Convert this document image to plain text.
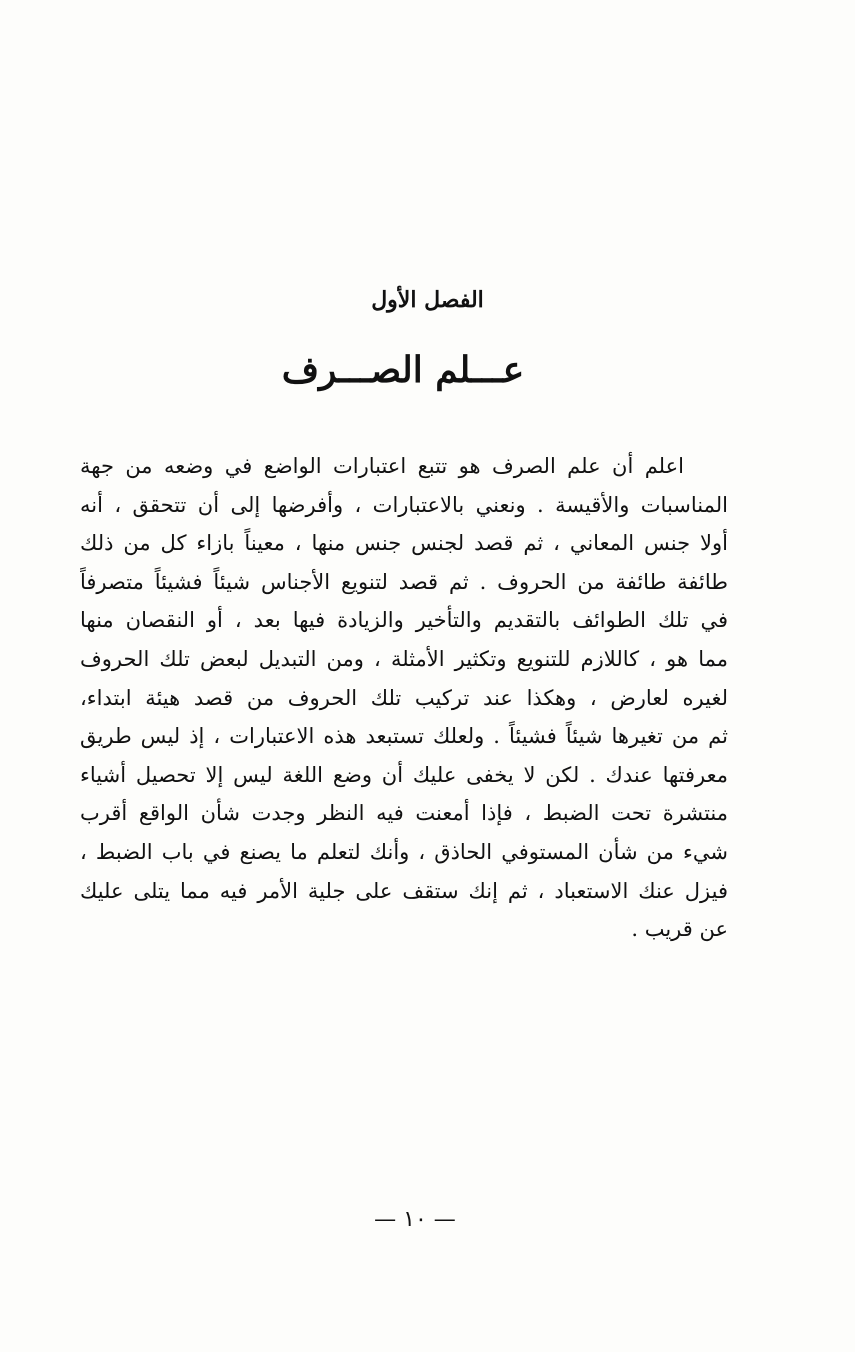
الفصل الأول
عـــلم الصـــرف
اعلم أن علم الصرف هو تتبع اعتبارات الواضع في وضعه من جهة
المناسبات والأقيسة . ونعني بالاعتبارات ، وأفرضها إلى أن تتحقق ، أنه
أولا جنس المعاني ، ثم قصد لجنس جنس منها ، معيناً بازاء كل من ذلك
طائفة طائفة من الحروف . ثم قصد لتنويع الأجناس شيئاً فشيئاً متصرفاً
في تلك الطوائف بالتقديم والتأخير والزيادة فيها بعد ، أو النقصان منها
مما هو ، كاللازم للتنويع وتكثير الأمثلة ، ومن التبديل لبعض تلك الحروف
لغيره لعارض ، وهكذا عند تركيب تلك الحروف من قصد هيئة ابتداء،
ثم من تغيرها شيئاً فشيئاً . ولعلك تستبعد هذه الاعتبارات ، إذ ليس طريق
معرفتها عندك . لكن لا يخفى عليك أن وضع اللغة ليس إلا تحصيل أشياء
منتشرة تحت الضبط ، فإذا أمعنت فيه النظر وجدت شأن الواقع أقرب
شيء من شأن المستوفي الحاذق ، وأنك لتعلم ما يصنع في باب الضبط ،
فيزل عنك الاستعباد ، ثم إنك ستقف على جلية الأمر فيه مما يتلى عليك
عن قريب .
— ١٠ —
